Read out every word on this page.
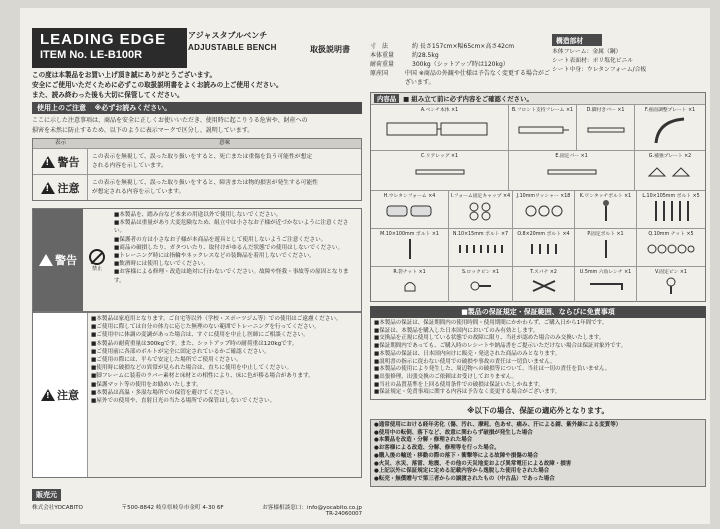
LEADING EDGE
ITEM No. LE-B100R
アジャスタブルベンチ
ADJUSTABLE BENCH	取扱説明書
この度は本製品をお買い上げ頂き誠にありがとうございます。
安全にご使用いただくために必ずこの取扱説明書をよくお読みの上ご使用ください。
また、読み終わった後も大切に保管してください。
使用上のご注意 ※必ずお読みください。
ここに示した注意事項は、商品を安全に正しくお使いいただき、使用時に起こりうる危害や、財産への
損害を未然に防止するため、以下のように表示マークで区分し、説明しています。
表示	意味
!
警告 この表示を無視して、誤った取り扱いをすると、死亡または重傷を負う可能性が想定
される内容を示しています。
!
注意 この表示を無視して、誤った取り扱いをすると、障害または物的損害が発生する可能性
が想定される内容を示しています。
!
警告
禁止
■本製品を、踏み台など本来の用途以外で使用しないでください。
■本製品は重量があり大変危険なため、組立中は小さなお子様が近づかないように注意ください。
■保護者の方は小さなお子様が本商品を遊具として使用しないようご注意ください。
■商品の破損したり、ガタついたり、取付けがゆるんだ状態での使用はしないでください。
■トレーニング時には指輪やネックレスなどの装飾品を着用しないでください。
■飲酒時には使用しないでください。
■お客様による修理・改造は絶対に行わないでください。故障や怪我・事故等の原因となります。
!
注意
■本製品は家庭用となります。ご自宅等以外（学校・スポーツジム等）での使用はご遠慮ください。
■ご使用に際しては自分の体力に応じた無理のない範囲でトレーニングを行ってください。
■ご使用中に体調の変調があった場合は、すぐに使用を中止し医師にご相談ください。
■本製品の耐荷重量は300kgです。また、シットアップ時の耐荷重は120kgです。
■ご使用前に各部のボルトが完全に固定されているかご確認ください。
■ご使用の際には、平らで安定した場所でご使用ください。
■使用時に破損などの異常が見られた場合は、直ちに使用を中止してください。
■脚フレームに装着のラバー素材と床材との相性により、床に色が移る場合があります。
■保護マット等の使用をお勧めいたします。
■本製品は高温・多湿な場所での保管を避けてください。
■屋外での使用や、直射日光の当たる場所での保管はしないでください。
販売元
株式会社YOCABITO	〒500-8842 岐阜県岐阜市金町 4-30 6F	お客様相談窓口：info@yocabito.co.jp
TR-24060007
寸　法	約 長さ157cm×幅65cm×高さ42cm
本体重量	約28.5kg
耐荷重量	300kg（シットアップ時は120kg）
原産国	中国 ※商品の外観や仕様は予告なく変更する場合がございます。
構造部材
本体フレーム：金属（鋼）
シート表面材：ポリ塩化ビニル
シート中身：ウレタンフォーム/合板
内容品	■ 組み立て前に必ず内容をご確認ください。
A.ベンチ本体 ×1	B.フロント支持フレーム ×1	D.脚付きバー ×1	F.座面調整プレート ×1
C.リアレッグ ×1	E.固定バー ×1	G.補強プレート ×2
H.ウレタンフォーム ×4	I.フォーム固定キャップ ×4	J.10mmワッシャー ×18	K.ワンタッチボルト ×1	L.10×105mm ボルト ×5
M.10×100mm ボルト ×1	N.10×15mm ボルト ×7	O.8×20mm ボルト ×4	P.固定ボルト ×1	Q.10mm ナット ×5
R.袋ナット ×1	S.ロックピン ×1	T.スパナ ×2	U.5mm 六角レンチ ×1	V.固定ピン ×1
■製品の保証規定・保証範囲、ならびに免責事項
■本製品の保証は、保証期間内の使用時間・使用期間にかかわらず、ご購入日から1年間です。
■保証は、本製品を購入した日本国内においてのみ有効とします。
■交換品を正規に使用している状態での故障に限り、当社が認めた場合のみ交換いたします。
■保証期間内であっても、ご購入時のレシートや納品書をご提示いただけない場合は保証対象外です。
■本製品の保証は、日本国内向けに販売・発送された商品のみとなります。
■説明書の指示に従わない使用での破損や事故の責任は一切負いません。
■本製品の使用により発生した、周辺物への破損等について、当社は一切の責任を負いません。
■出張修理、出張交換のご依頼はお受けしておりません。
■当社の品質基準を上回る使用条件での破損は保証いたしかねます。
■保証規定・免責事項に関する内容は予告なく変更する場合がございます。
※以下の場合、保証の適応外となります。
●通常使用における経年劣化（傷、汚れ、摩耗、色あせ、痛み、汗による錆、紫外線による変質等）
●使用中の転倒、落下など、故意に関わらず破損が発生した場合
●本製品を改造・分解・修理された場合
●お客様による改造、分解、修理等を行った場合。
●購入後の輸送・移動の際の落下・衝撃等による故障や損傷の場合
●火災、水災、落雷、地震、その他の天災地変および異常電圧による故障・損害
●上記以外に保証規定に定める記載内容から逸脱した使用をされた場合
●転売・無償贈与で第三者からの譲渡されたもの（中古品）であった場合
